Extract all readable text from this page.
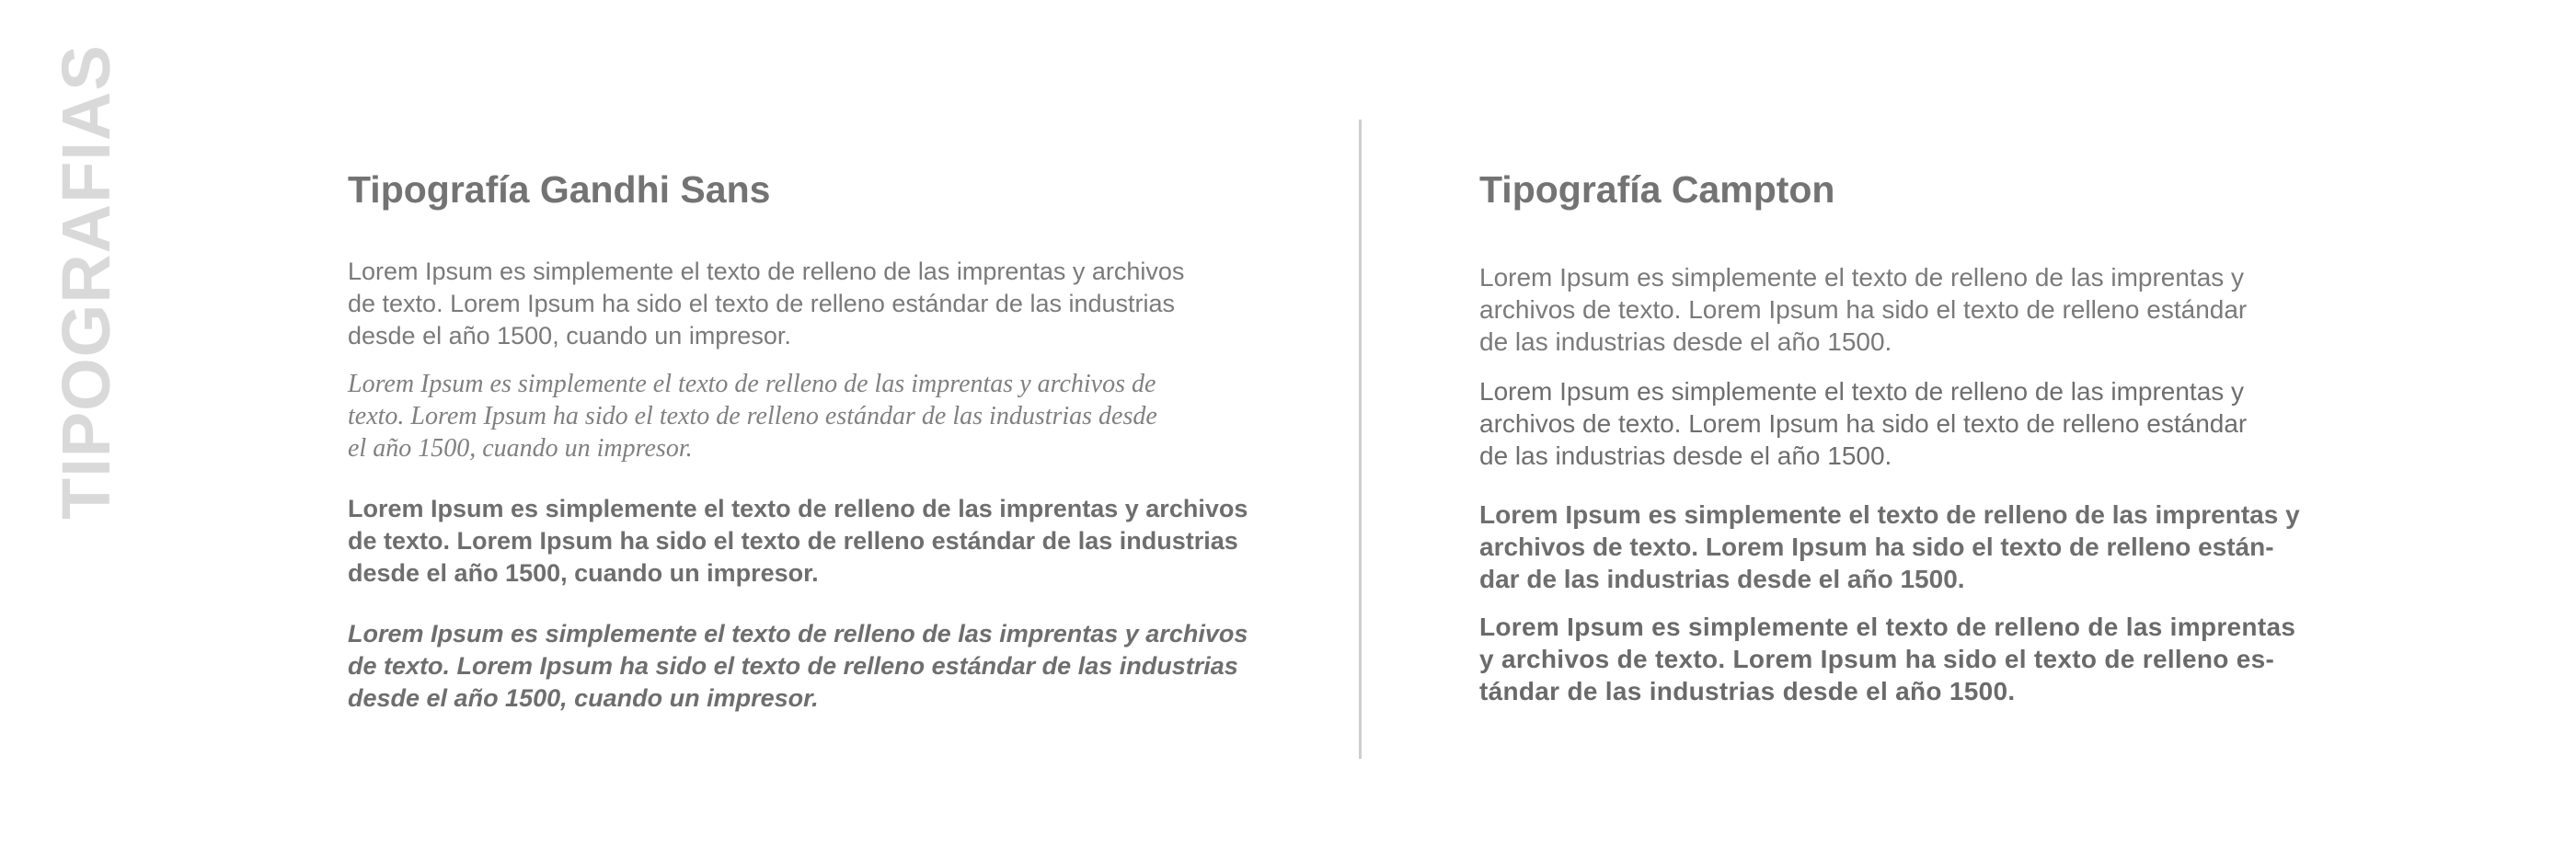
TIPOGRAFIAS	Tipografía Gandhi Sans

Lorem Ipsum es simplemente el texto de relleno de las imprentas y archivos
de texto. Lorem Ipsum ha sido el texto de relleno estándar de las industrias
desde el año 1500, cuando un impresor.

Lorem Ipsum es simplemente el texto de relleno de las imprentas y archivos de
texto. Lorem Ipsum ha sido el texto de relleno estándar de las industrias desde
el año 1500, cuando un impresor.

Lorem Ipsum es simplemente el texto de relleno de las imprentas y archivos
de texto. Lorem Ipsum ha sido el texto de relleno estándar de las industrias
desde el año 1500, cuando un impresor.

Lorem Ipsum es simplemente el texto de relleno de las imprentas y archivos
de texto. Lorem Ipsum ha sido el texto de relleno estándar de las industrias
desde el año 1500, cuando un impresor.

Tipografía Campton

Lorem Ipsum es simplemente el texto de relleno de las imprentas y
archivos de texto. Lorem Ipsum ha sido el texto de relleno estándar
de las industrias desde el año 1500.

Lorem Ipsum es simplemente el texto de relleno de las imprentas y
archivos de texto. Lorem Ipsum ha sido el texto de relleno estándar
de las industrias desde el año 1500.

Lorem Ipsum es simplemente el texto de relleno de las imprentas y
archivos de texto. Lorem Ipsum ha sido el texto de relleno están-
dar de las industrias desde el año 1500.

Lorem Ipsum es simplemente el texto de relleno de las imprentas
y archivos de texto. Lorem Ipsum ha sido el texto de relleno es-
tándar de las industrias desde el año 1500.
